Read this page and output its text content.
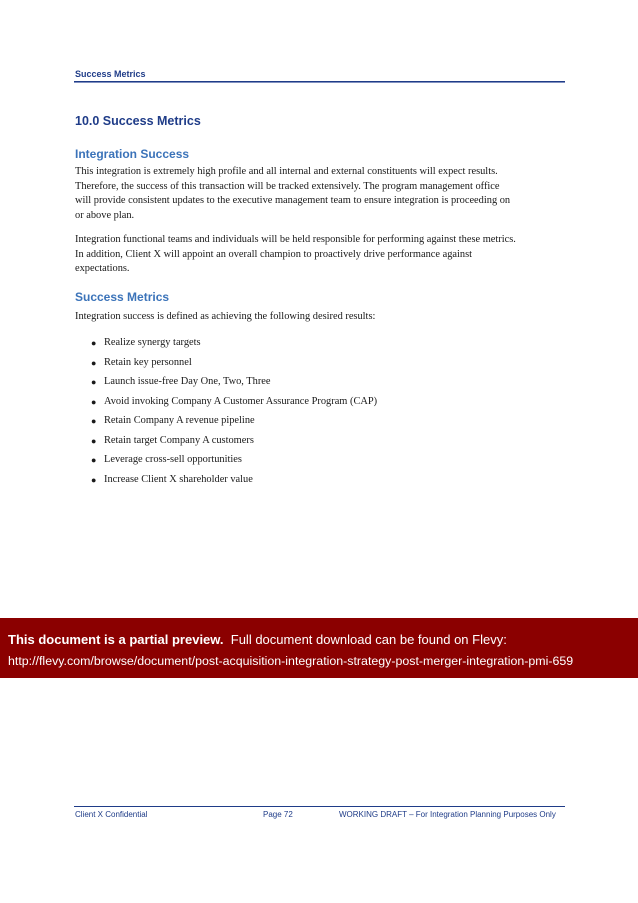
Success Metrics
10.0 Success Metrics
Integration Success
This integration is extremely high profile and all internal and external constituents will expect results.
Therefore, the success of this transaction will be tracked extensively. The program management office
will provide consistent updates to the executive management team to ensure integration is proceeding on
or above plan.
Integration functional teams and individuals will be held responsible for performing against these metrics.
In addition, Client X will appoint an overall champion to proactively drive performance against
expectations.
Success Metrics
Integration success is defined as achieving the following desired results:
● Realize synergy targets
● Retain key personnel
● Launch issue-free Day One, Two, Three
● Avoid invoking Company A Customer Assurance Program (CAP)
● Retain Company A revenue pipeline
● Retain target Company A customers
● Leverage cross-sell opportunities
● Increase Client X shareholder value
This document is a partial preview.  Full document download can be found on Flevy:
http://flevy.com/browse/document/post-acquisition-integration-strategy-post-merger-integration-pmi-659
Client X Confidential	Page 72	WORKING DRAFT – For Integration Planning Purposes Only
